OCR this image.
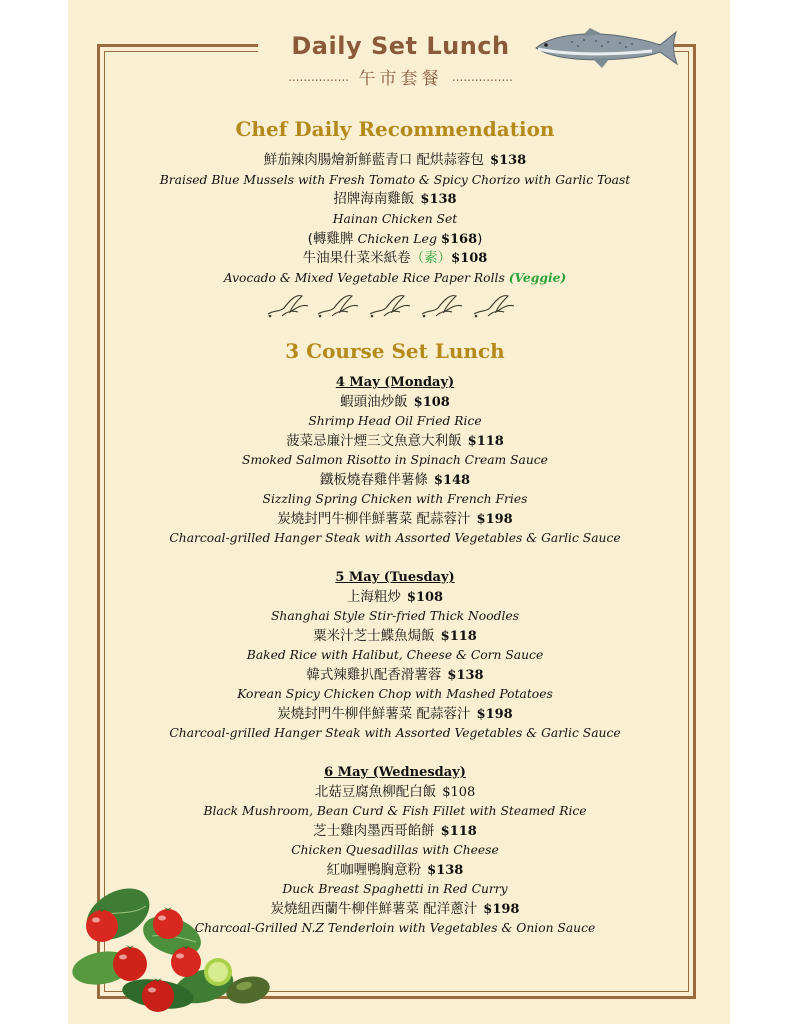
Daily Set Lunch
................ 午市套餐 ................
Chef Daily Recommendation
鮮茄辣肉腸燴新鮮藍青口 配烘蒜蓉包 $138
Braised Blue Mussels with Fresh Tomato & Spicy Chorizo with Garlic Toast
招牌海南雞飯 $138
Hainan Chicken Set
(轉雞脾 Chicken Leg $168)
牛油果什菜米紙卷（素）$108
Avocado & Mixed Vegetable Rice Paper Rolls (Veggie)
3 Course Set Lunch
4 May (Monday)
蝦頭油炒飯 $108
Shrimp Head Oil Fried Rice
菠菜忌廉汁煙三文魚意大利飯 $118
Smoked Salmon Risotto in Spinach Cream Sauce
鐵板燒春雞伴薯條 $148
Sizzling Spring Chicken with French Fries
炭燒封門牛柳伴鮮薯菜 配蒜蓉汁 $198
Charcoal-grilled Hanger Steak with Assorted Vegetables & Garlic Sauce
5 May (Tuesday)
上海粗炒 $108
Shanghai Style Stir-fried Thick Noodles
粟米汁芝士鰈魚焗飯 $118
Baked Rice with Halibut, Cheese & Corn Sauce
韓式辣雞扒配香滑薯蓉 $138
Korean Spicy Chicken Chop with Mashed Potatoes
炭燒封門牛柳伴鮮薯菜 配蒜蓉汁 $198
Charcoal-grilled Hanger Steak with Assorted Vegetables & Garlic Sauce
6 May (Wednesday)
北菇豆腐魚柳配白飯 $108
Black Mushroom, Bean Curd & Fish Fillet with Steamed Rice
芝士雞肉墨西哥餡餅 $118
Chicken Quesadillas with Cheese
紅咖喱鴨胸意粉 $138
Duck Breast Spaghetti in Red Curry
炭燒紐西蘭牛柳伴鮮薯菜 配洋蔥汁 $198
Charcoal-Grilled N.Z Tenderloin with Vegetables & Onion Sauce
